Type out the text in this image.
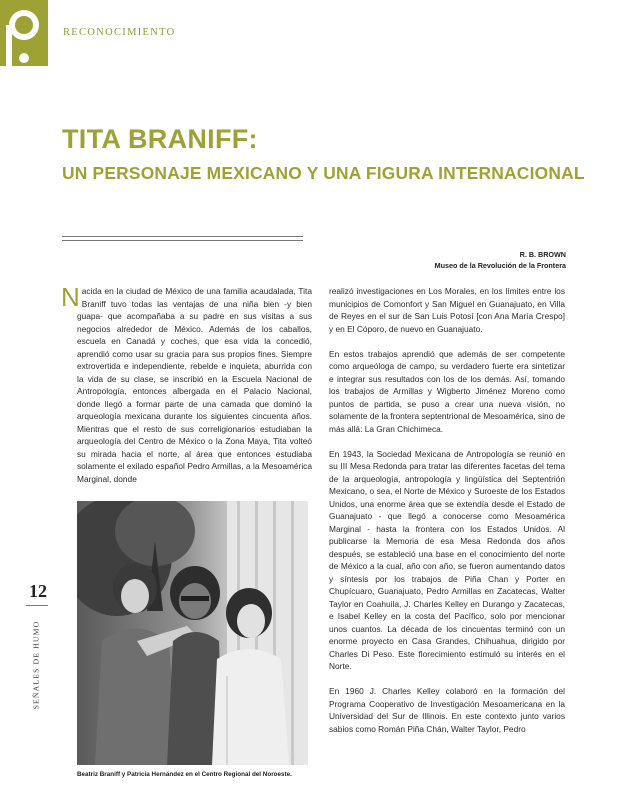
RECONOCIMIENTO
TITA BRANIFF:
UN PERSONAJE MEXICANO Y UNA FIGURA INTERNACIONAL
R. B. BROWN
Museo de la Revolución de la Frontera

Nacida en la ciudad de México de una familia acaudalada, Tita Braniff tuvo todas las ventajas de una niña bien -y bien guapa- que acompañaba a su padre en sus visitas a sus negocios alrededor de México. Además de los caballos, escuela en Canadá y coches, que esa vida la concedió, aprendió como usar su gracia para sus propios fines. Siempre extrovertida e independiente, rebelde e inquieta, aburrida con la vida de su clase, se inscribió en la Escuela Nacional de Antropología, entonces albergada en el Palacio Nacional, donde llegó a formar parte de una camada que dominó la arqueología mexicana durante los siguientes cincuenta años. Mientras que el resto de sus correligionarios estudiaban la arqueología del Centro de México o la Zona Maya, Tita volteó su mirada hacia el norte, al área que entonces estudiaba solamente el exilado español Pedro Armillas, a la Mesoamérica Marginal, donde

realizó investigaciones en Los Morales, en los límites entre los municipios de Comonfort y San Miguel en Guanajuato, en Villa de Reyes en el sur de San Luis Potosí [con Ana María Crespo] y en El Cóporo, de nuevo en Guanajuato.

En estos trabajos aprendió que además de ser competente como arqueóloga de campo, su verdadero fuerte era sintetizar e integrar sus resultados con los de los demás. Así, tomando los trabajos de Armillas y Wigberto Jiménez Moreno como puntos de partida, se puso a crear una nueva visión, no solamente de la frontera septentrional de Mesoamérica, sino de más allá: La Gran Chichimeca.

En 1943, la Sociedad Mexicana de Antropología se reunió en su III Mesa Redonda para tratar las diferentes facetas del tema de la arqueología, antropología y lingüística del Septentrión Mexicano, o sea, el Norte de México y Suroeste de los Estados Unidos, una enorme área que se extendía desde el Estado de Guanajuato - que llegó a conocerse como Mesoamérica Marginal - hasta la frontera con los Estados Unidos. Al publicarse la Memoria de esa Mesa Redonda dos años después, se estableció una base en el conocimiento del norte de México a la cual, año con año, se fueron aumentando datos y síntesis por los trabajos de Piña Chan y Porter en Chupícuaro, Guanajuato, Pedro Armillas en Zacatecas, Walter Taylor en Coahuila, J. Charles Kelley en Durango y Zacatecas, e Isabel Kelley en la costa del Pacífico, solo por mencionar unos cuantos. La década de los cincuentas terminó con un enorme proyecto en Casa Grandes, Chihuahua, dirigido por Charles Di Peso. Este florecimiento estimuló su interés en el Norte.

En 1960 J. Charles Kelley colaboró en la formación del Programa Cooperativo de Investigación Mesoamericana en la Universidad del Sur de Illinois. En este contexto junto varios sabios como Román Piña Chán, Walter Taylor, Pedro

Beatriz Braniff y Patricia Hernández en el Centro Regional del Noroeste.
12
SEÑALES DE HUMO
